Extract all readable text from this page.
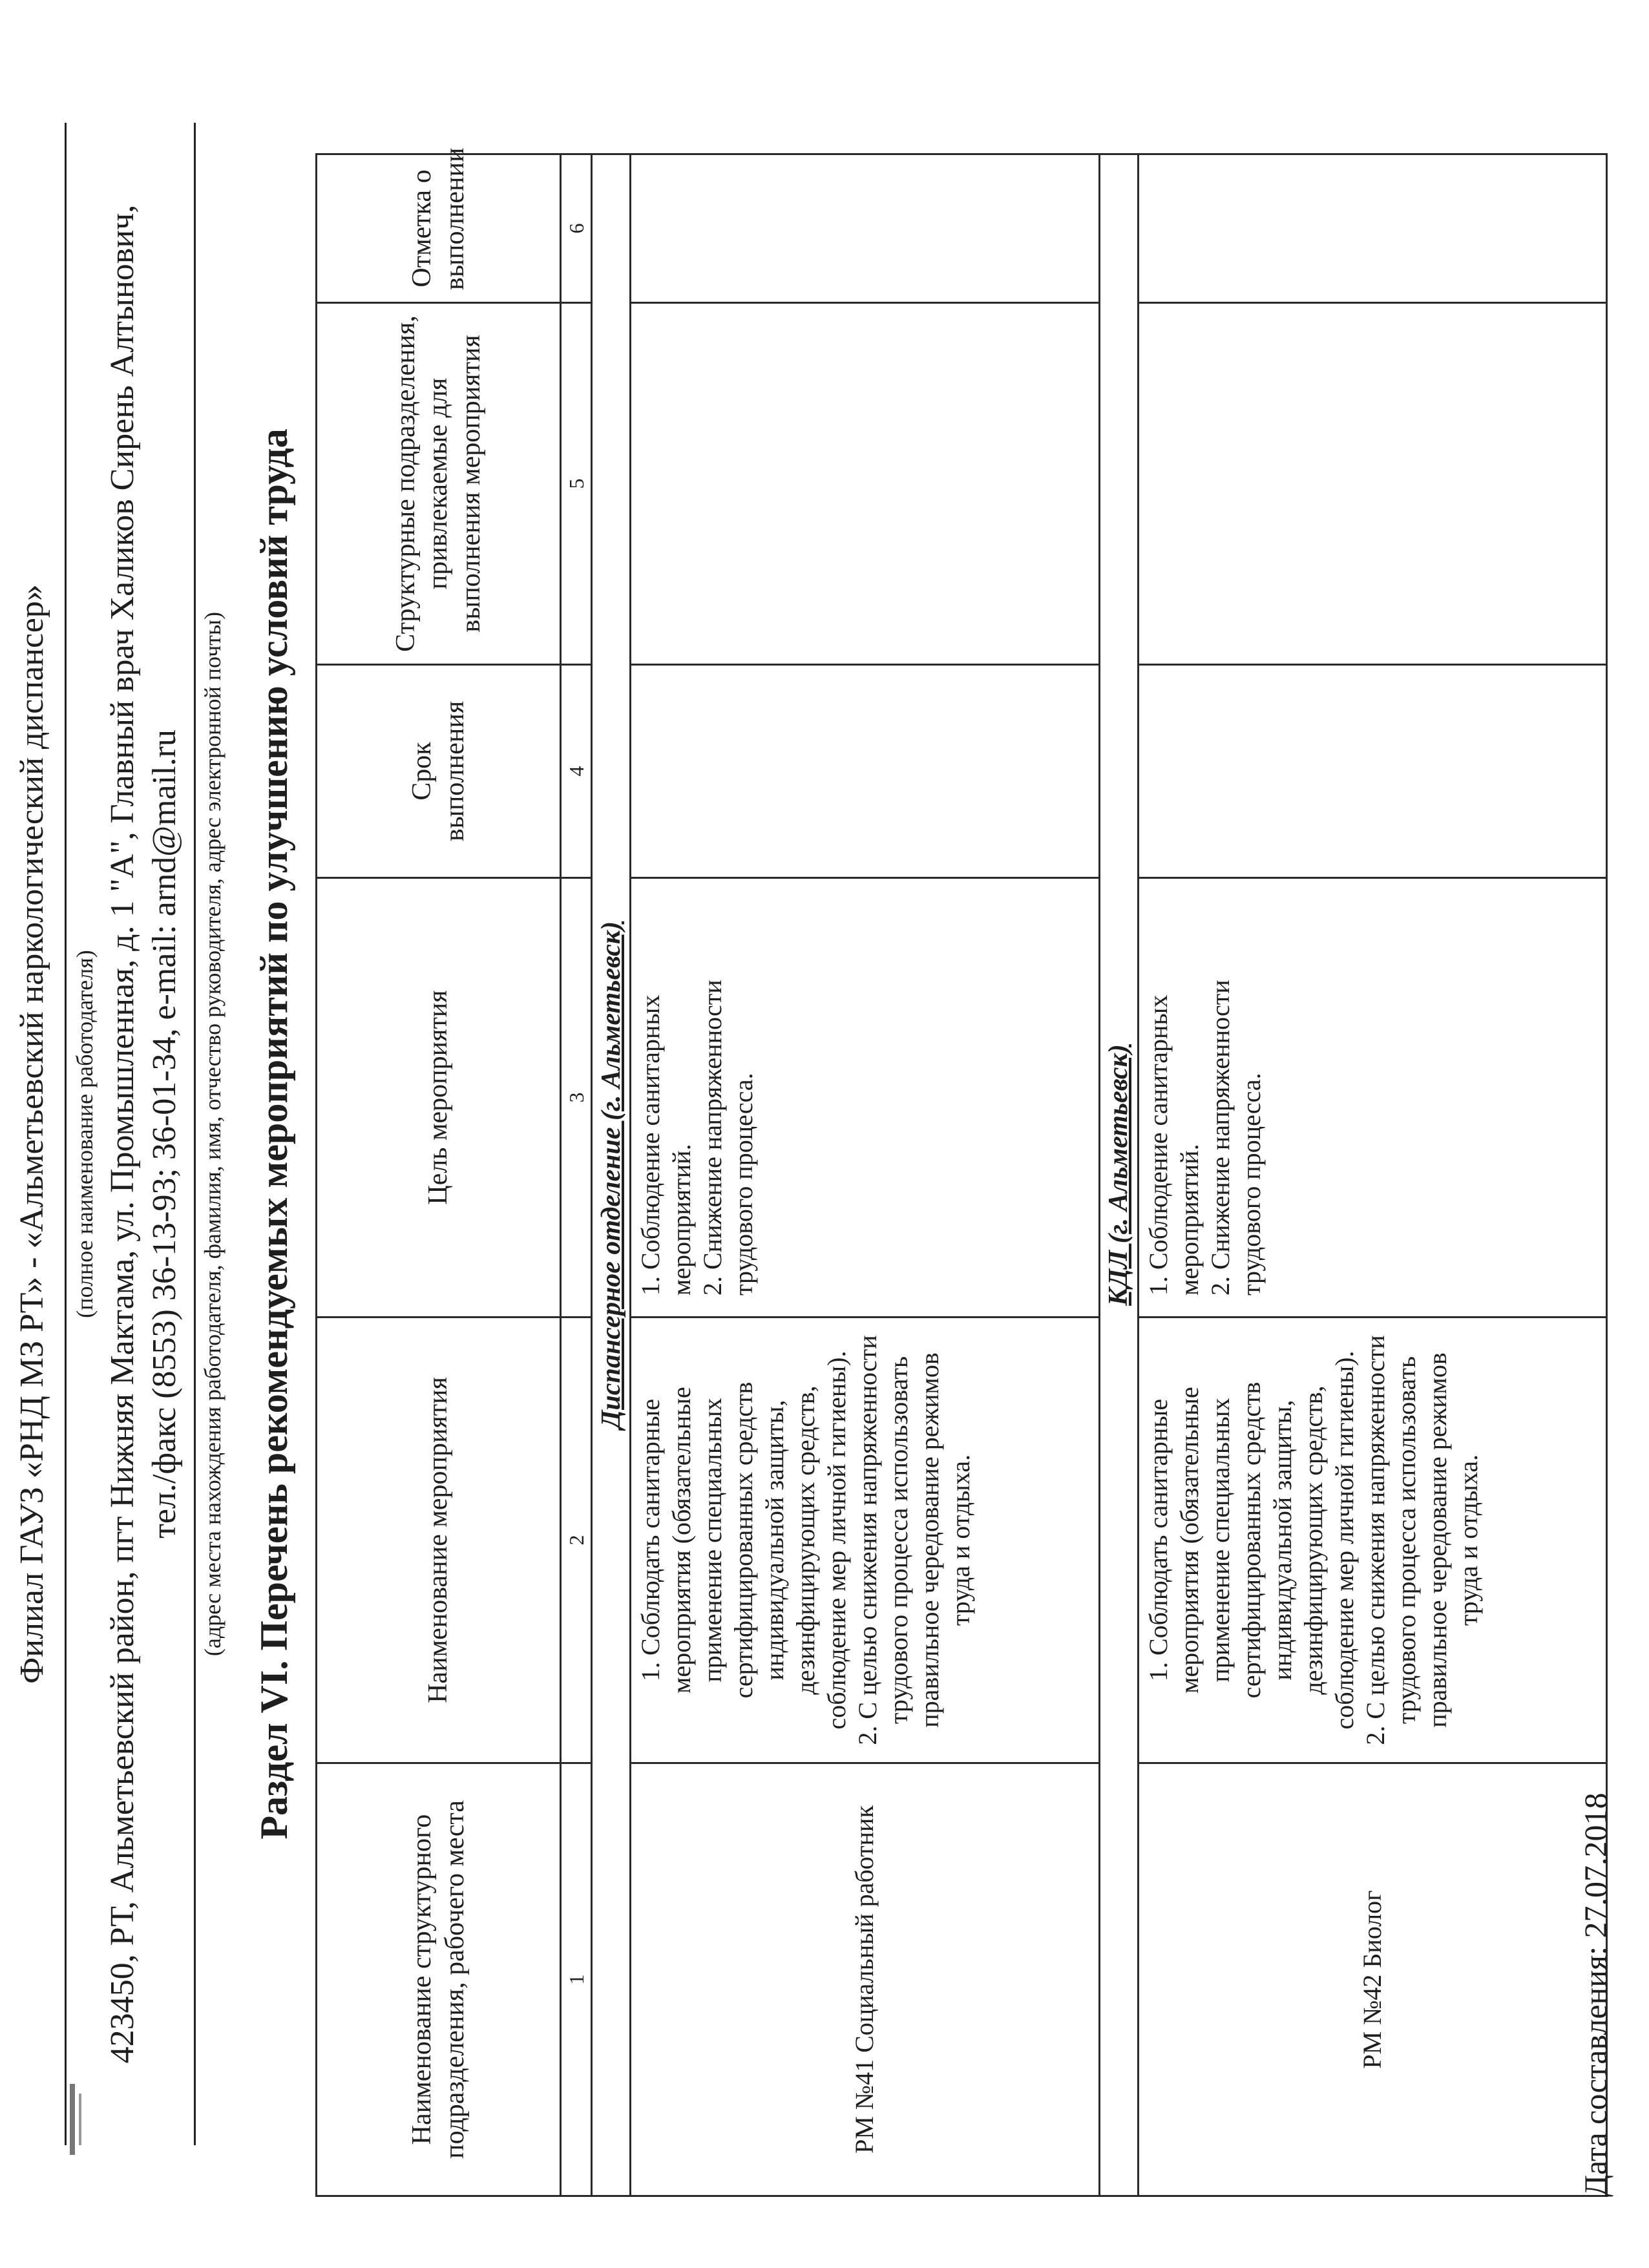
Филиал ГАУЗ «РНД МЗ РТ» - «Альметьевский наркологический диспансер» (полное наименование работодателя) 423450, РТ, Альметьевский район, пгт Нижняя Мактама, ул. Промышленная, д. 1 "А", Главный врач Халиков Сирень Алтынович, тел./факс (8553) 36-13-93; 36-01-34, e-mail: arnd@mail.ru (адрес места нахождения работодателя, фамилия, имя, отчество руководителя, адрес электронной почты) Раздел VI. Перечень рекомендуемых мероприятий по улучшению условий труда
Наименование структурного подразделения, рабочего места	Наименование мероприятия	Цель мероприятия	Срок выполнения	Структурные подразделения, привлекаемые для выполнения мероприятия	Отметка о выполнении
1	2	3	4	5	6
Диспансерное отделение (г. Альметьевск)					
РМ №41 Социальный работник	1. Соблюдать санитарные мероприятия (обязательные применение специальных сертифицированных средств индивидуальной защиты, дезинфицирующих средств, соблюдение мер личной гигиены). 2. С целью снижения напряженности трудового процесса использовать правильное чередование режимов труда и отдыха.	1. Соблюдение санитарных мероприятий. 2. Снижение напряженности трудового процесса.			

КДЛ (г. Альметьевск)					
РМ №42 Биолог	1. Соблюдать санитарные мероприятия (обязательные применение специальных сертифицированных средств индивидуальной защиты, дезинфицирующих средств, соблюдение мер личной гигиены). 2. С целью снижения напряженности трудового процесса использовать правильное чередование режимов труда и отдыха.	1. Соблюдение санитарных мероприятий. 2. Снижение напряженности трудового процесса.			

Дата составления: 27.07.2018
